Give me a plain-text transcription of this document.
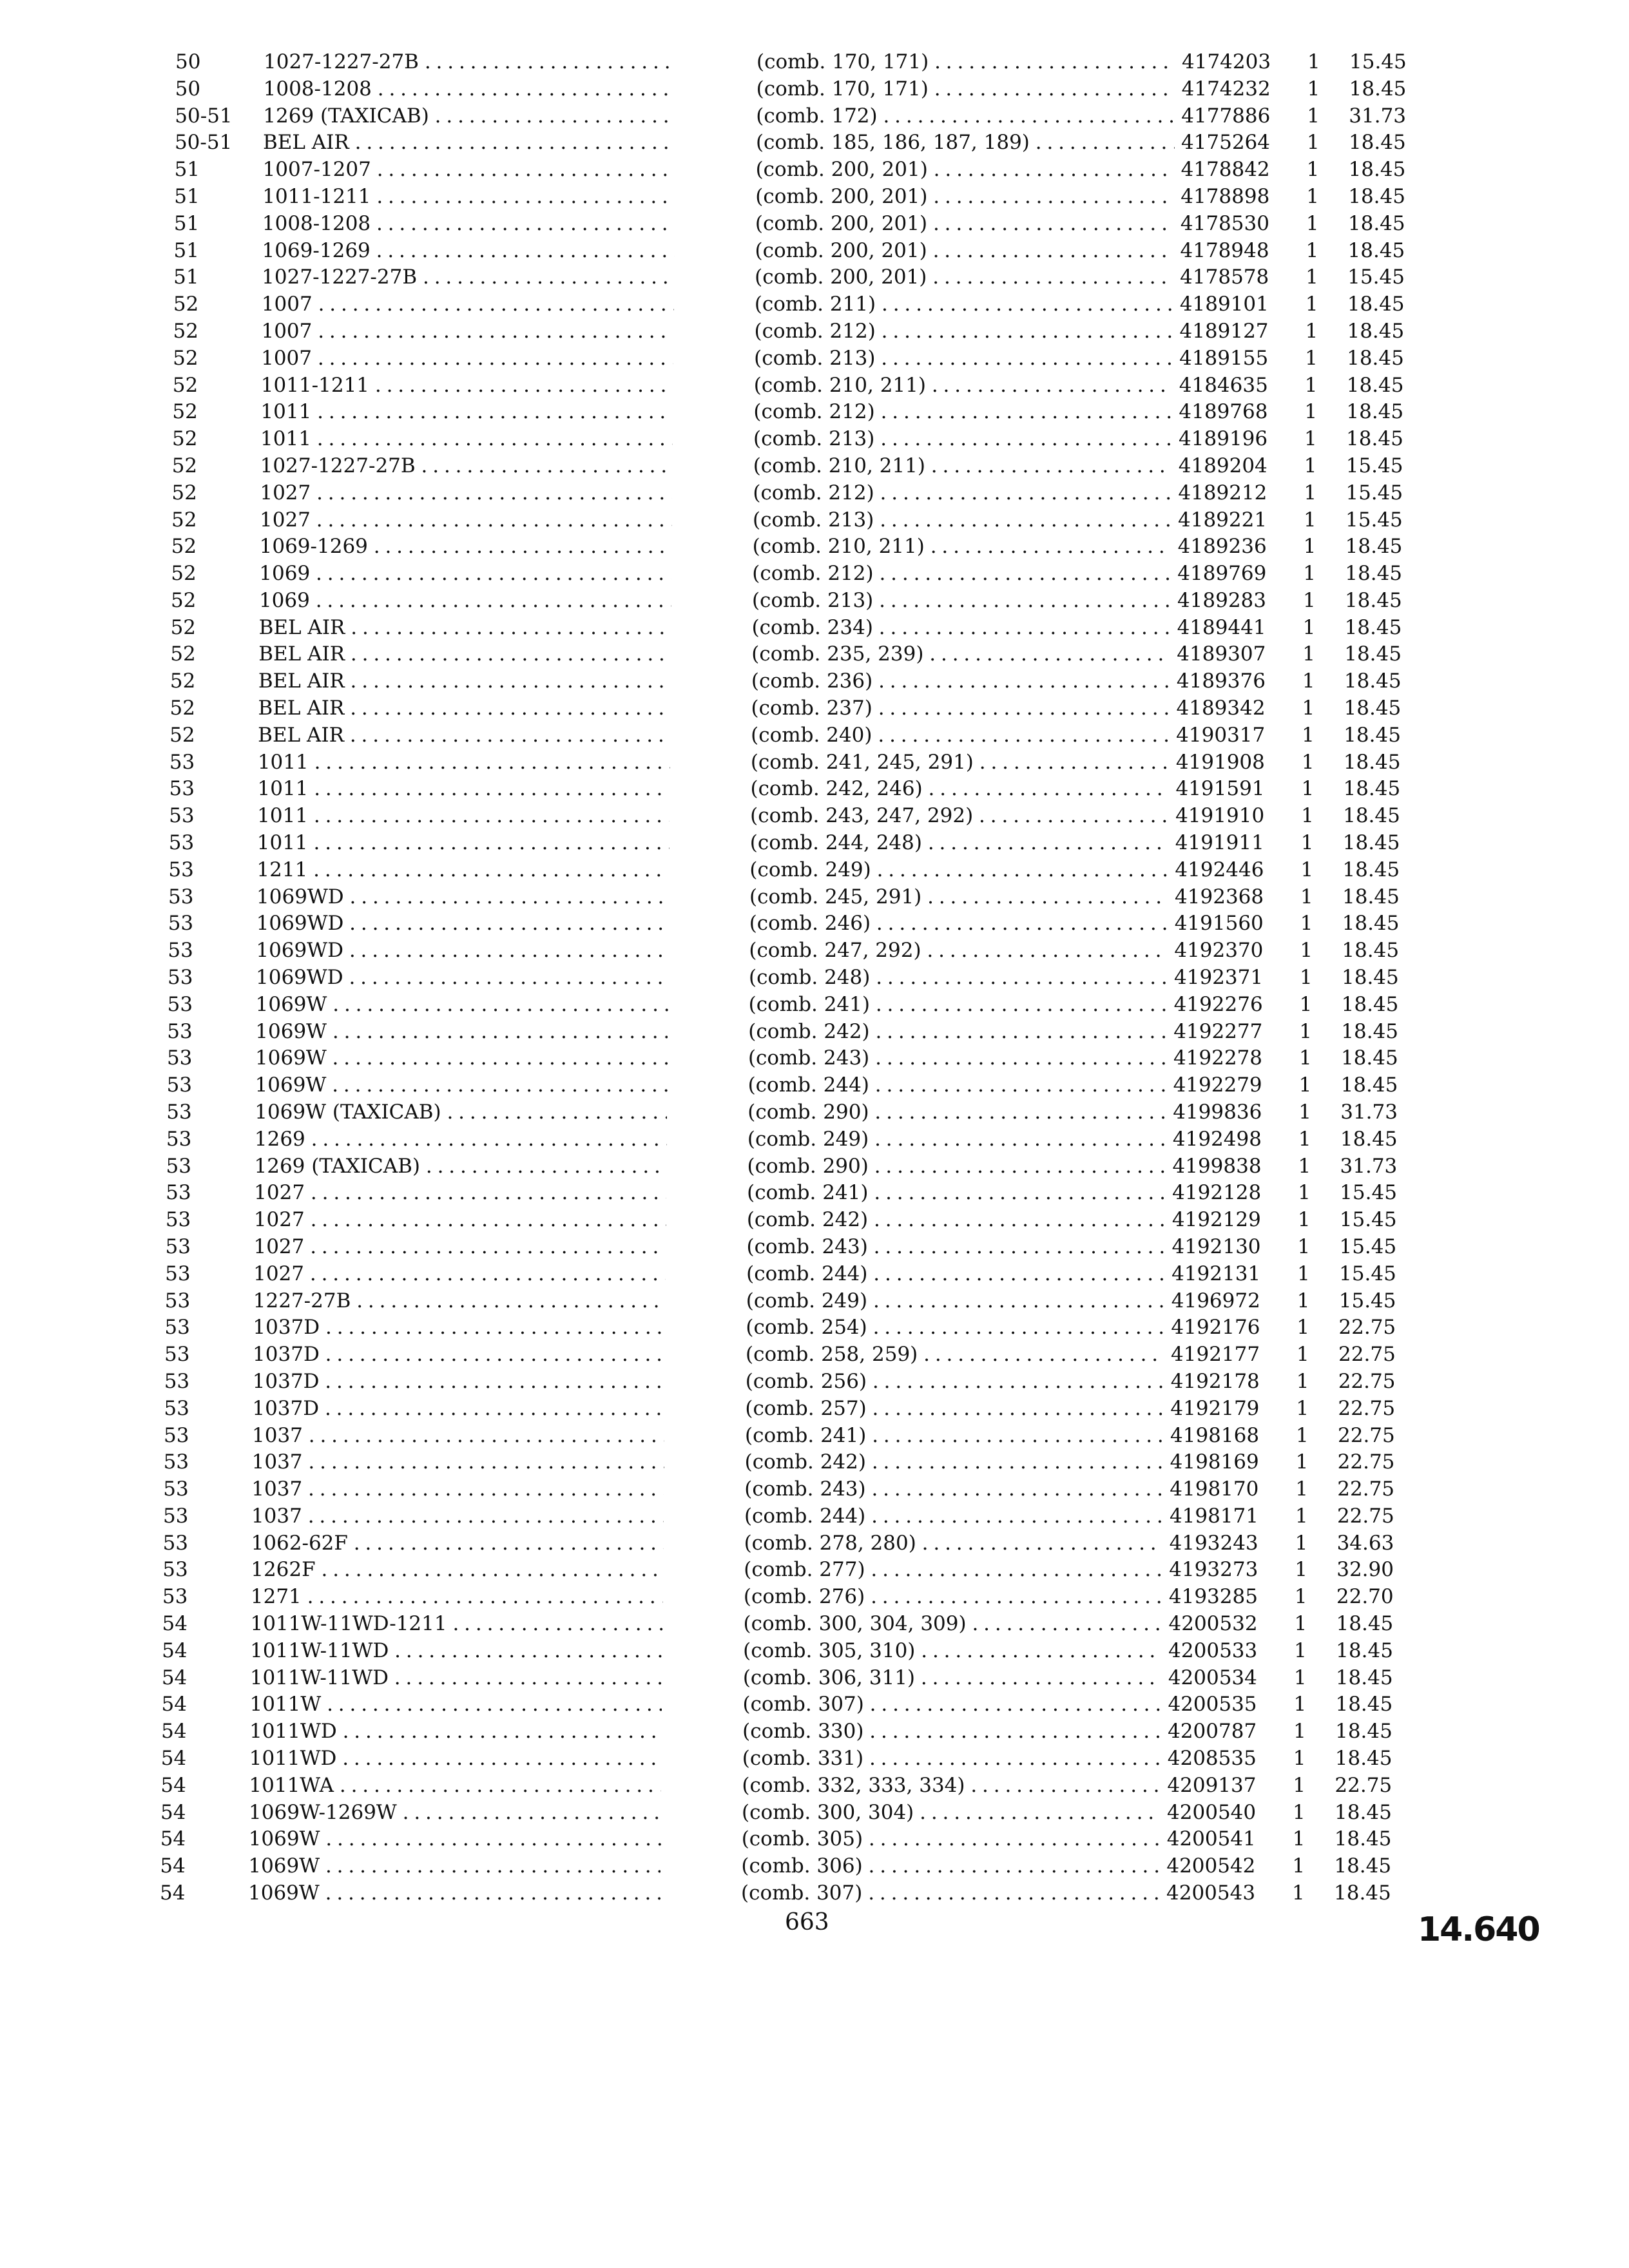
50	1027-1227-27B . . .	(comb. 170, 171) . . .	4174203	1	15.45
50	1008-1208 . . .	(comb. 170, 171) . . .	4174232	1	18.45
50-51	1269 (TAXICAB) . . .	(comb. 172) . . .	4177886	1	31.73
50-51	BEL AIR . . .	(comb. 185, 186, 187, 189) . . .	4175264	1	18.45
51	1007-1207 . . .	(comb. 200, 201) . . .	4178842	1	18.45
51	1011-1211 . . .	(comb. 200, 201) . . .	4178898	1	18.45
51	1008-1208 . . .	(comb. 200, 201) . . .	4178530	1	18.45
51	1069-1269 . . .	(comb. 200, 201) . . .	4178948	1	18.45
51	1027-1227-27B . . .	(comb. 200, 201) . . .	4178578	1	15.45
52	1007 . . .	(comb. 211) . . .	4189101	1	18.45
52	1007 . . .	(comb. 212) . . .	4189127	1	18.45
52	1007 . . .	(comb. 213) . . .	4189155	1	18.45
52	1011-1211 . . .	(comb. 210, 211) . . .	4184635	1	18.45
52	1011 . . .	(comb. 212) . . .	4189768	1	18.45
52	1011 . . .	(comb. 213) . . .	4189196	1	18.45
52	1027-1227-27B . . .	(comb. 210, 211) . . .	4189204	1	15.45
52	1027 . . .	(comb. 212) . . .	4189212	1	15.45
52	1027 . . .	(comb. 213) . . .	4189221	1	15.45
52	1069-1269 . . .	(comb. 210, 211) . . .	4189236	1	18.45
52	1069 . . .	(comb. 212) . . .	4189769	1	18.45
52	1069 . . .	(comb. 213) . . .	4189283	1	18.45
52	BEL AIR . . .	(comb. 234) . . .	4189441	1	18.45
52	BEL AIR . . .	(comb. 235, 239) . . .	4189307	1	18.45
52	BEL AIR . . .	(comb. 236) . . .	4189376	1	18.45
52	BEL AIR . . .	(comb. 237) . . .	4189342	1	18.45
52	BEL AIR . . .	(comb. 240) . . .	4190317	1	18.45
53	1011 . . .	(comb. 241, 245, 291) . . .	4191908	1	18.45
53	1011 . . .	(comb. 242, 246) . . .	4191591	1	18.45
53	1011 . . .	(comb. 243, 247, 292) . . .	4191910	1	18.45
53	1011 . . .	(comb. 244, 248) . . .	4191911	1	18.45
53	1211 . . .	(comb. 249) . . .	4192446	1	18.45
53	1069WD . . .	(comb. 245, 291) . . .	4192368	1	18.45
53	1069WD . . .	(comb. 246) . . .	4191560	1	18.45
53	1069WD . . .	(comb. 247, 292) . . .	4192370	1	18.45
53	1069WD . . .	(comb. 248) . . .	4192371	1	18.45
53	1069W . . .	(comb. 241) . . .	4192276	1	18.45
53	1069W . . .	(comb. 242) . . .	4192277	1	18.45
53	1069W . . .	(comb. 243) . . .	4192278	1	18.45
53	1069W . . .	(comb. 244) . . .	4192279	1	18.45
53	1069W (TAXICAB) . . .	(comb. 290) . . .	4199836	1	31.73
53	1269 . . .	(comb. 249) . . .	4192498	1	18.45
53	1269 (TAXICAB) . . .	(comb. 290) . . .	4199838	1	31.73
53	1027 . . .	(comb. 241) . . .	4192128	1	15.45
53	1027 . . .	(comb. 242) . . .	4192129	1	15.45
53	1027 . . .	(comb. 243) . . .	4192130	1	15.45
53	1027 . . .	(comb. 244) . . .	4192131	1	15.45
53	1227-27B . . .	(comb. 249) . . .	4196972	1	15.45
53	1037D . . .	(comb. 254) . . .	4192176	1	22.75
53	1037D . . .	(comb. 258, 259) . . .	4192177	1	22.75
53	1037D . . .	(comb. 256) . . .	4192178	1	22.75
53	1037D . . .	(comb. 257) . . .	4192179	1	22.75
53	1037 . . .	(comb. 241) . . .	4198168	1	22.75
53	1037 . . .	(comb. 242) . . .	4198169	1	22.75
53	1037 . . .	(comb. 243) . . .	4198170	1	22.75
53	1037 . . .	(comb. 244) . . .	4198171	1	22.75
53	1062-62F . . .	(comb. 278, 280) . . .	4193243	1	34.63
53	1262F . . .	(comb. 277) . . .	4193273	1	32.90
53	1271 . . .	(comb. 276) . . .	4193285	1	22.70
54	1011W-11WD-1211 . . .	(comb. 300, 304, 309) . . .	4200532	1	18.45
54	1011W-11WD . . .	(comb. 305, 310) . . .	4200533	1	18.45
54	1011W-11WD . . .	(comb. 306, 311) . . .	4200534	1	18.45
54	1011W . . .	(comb. 307) . . .	4200535	1	18.45
54	1011WD . . .	(comb. 330) . . .	4200787	1	18.45
54	1011WD . . .	(comb. 331) . . .	4208535	1	18.45
54	1011WA . . .	(comb. 332, 333, 334) . . .	4209137	1	22.75
54	1069W-1269W . . .	(comb. 300, 304) . . .	4200540	1	18.45
54	1069W . . .	(comb. 305) . . .	4200541	1	18.45
54	1069W . . .	(comb. 306) . . .	4200542	1	18.45
54	1069W . . .	(comb. 307) . . .	4200543	1	18.45
663	14.640
